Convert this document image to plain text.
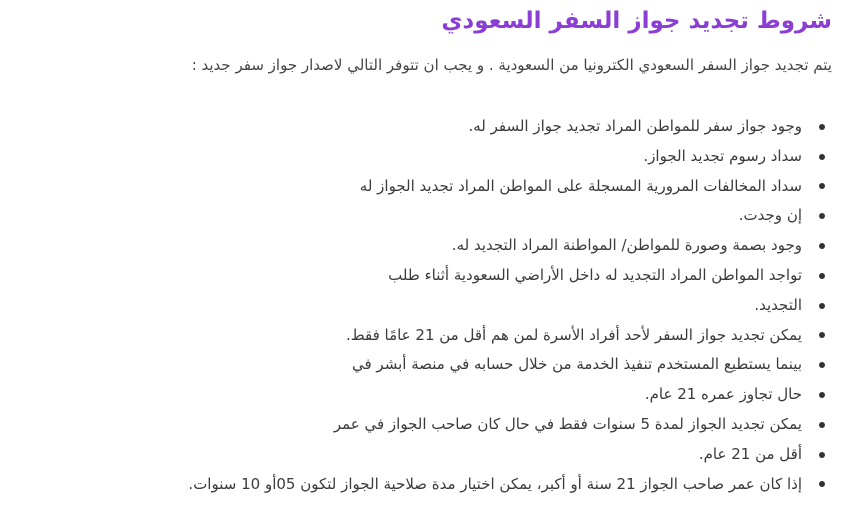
شروط تجديد جواز السفر السعودي

يتم تجديد جواز السفر السعودي الكترونيا من السعودية . و يجب ان تتوفر التالي لاصدار جواز سفر جديد :

وجود جواز سفر للمواطن المراد تجديد جواز السفر له.
سداد رسوم تجديد الجواز.
سداد المخالفات المرورية المسجلة على المواطن المراد تجديد الجواز له
إن وجدت.
وجود بصمة وصورة للمواطن/ المواطنة المراد التجديد له.
تواجد المواطن المراد التجديد له داخل الأراضي السعودية أثناء طلب
التجديد.
يمكن تجديد جواز السفر لأحد أفراد الأسرة لمن هم أقل من 21 عامًا فقط.
بينما يستطيع المستخدم تنفيذ الخدمة من خلال حسابه في منصة أبشر في
حال تجاوز عمره 21 عام.
يمكن تجديد الجواز لمدة 5 سنوات فقط في حال كان صاحب الجواز في عمر
أقل من 21 عام.
إذا كان عمر صاحب الجواز 21 سنة أو أكبر، يمكن اختيار مدة صلاحية الجواز لتكون 05أو 10 سنوات.
